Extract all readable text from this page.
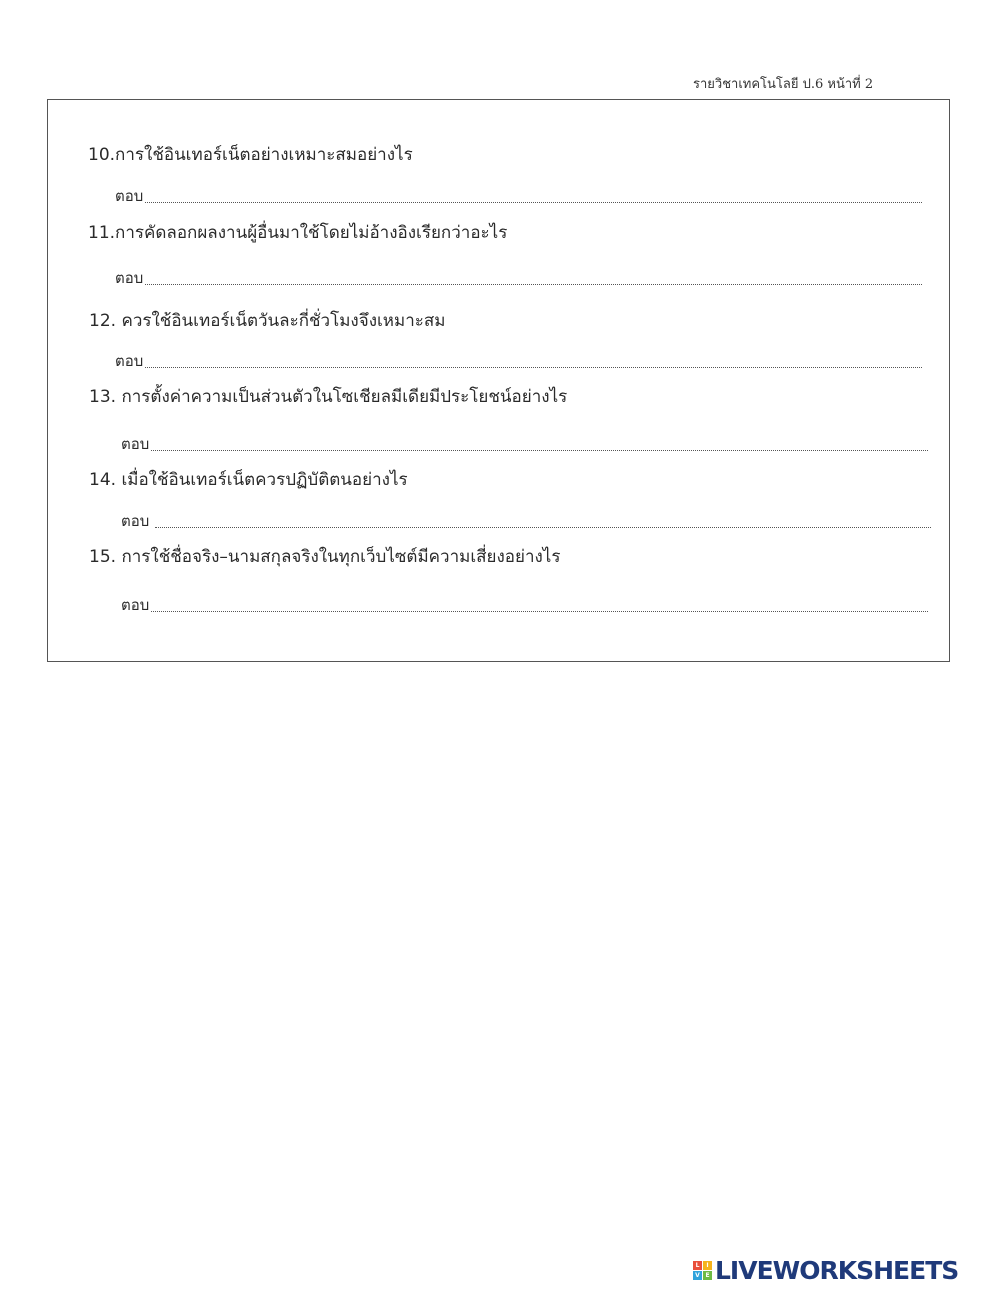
รายวิชาเทคโนโลยี ป.6 หน้าที่ 2
10.การใช้อินเทอร์เน็ตอย่างเหมาะสมอย่างไร
ตอบ
11.การคัดลอกผลงานผู้อื่นมาใช้โดยไม่อ้างอิงเรียกว่าอะไร
ตอบ
12. ควรใช้อินเทอร์เน็ตวันละกี่ชั่วโมงจึงเหมาะสม
ตอบ
13. การตั้งค่าความเป็นส่วนตัวในโซเชียลมีเดียมีประโยชน์อย่างไร
ตอบ
14. เมื่อใช้อินเทอร์เน็ตควรปฏิบัติตนอย่างไร
ตอบ
15. การใช้ชื่อจริง–นามสกุลจริงในทุกเว็บไซต์มีความเสี่ยงอย่างไร
ตอบ
L	I
V E LIVEWORKSHEETS
